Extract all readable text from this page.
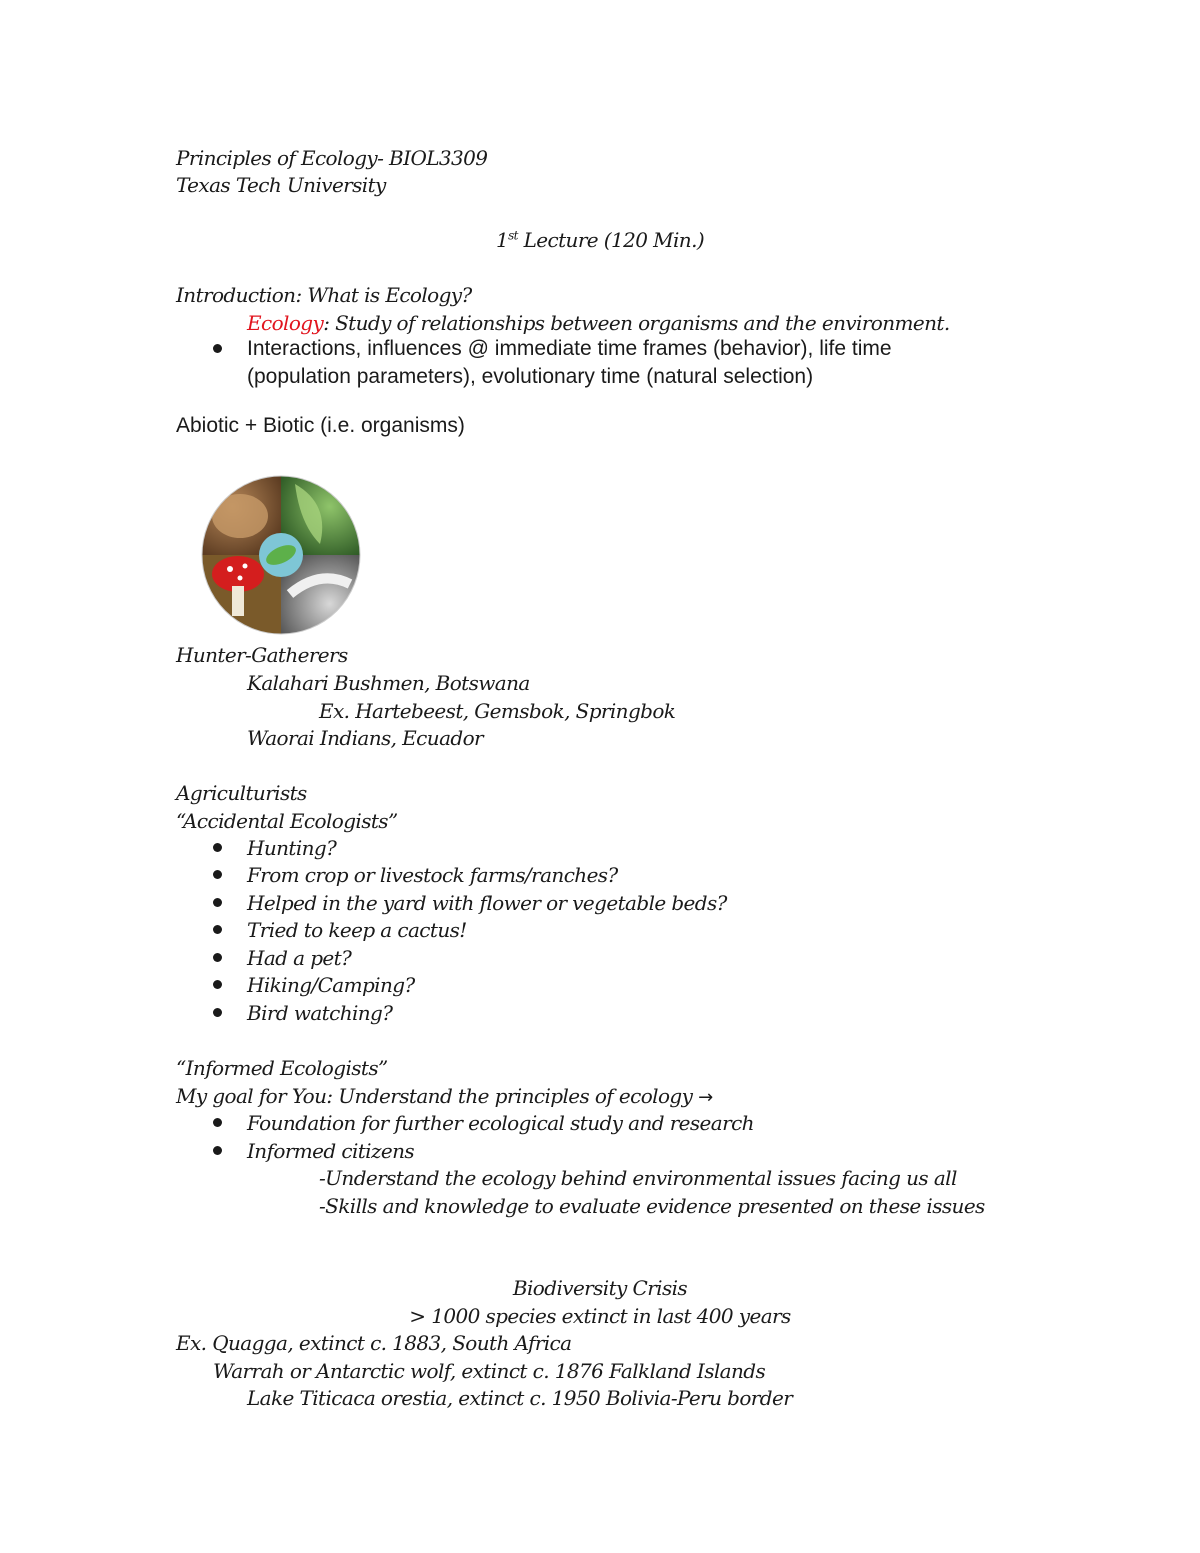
Principles of Ecology- BIOL3309
Texas Tech University
1st Lecture (120 Min.)
Introduction: What is Ecology?
Ecology: Study of relationships between organisms and the environment.
Interactions, influences @ immediate time frames (behavior), life time
(population parameters), evolutionary time (natural selection)
Abiotic + Biotic (i.e. organisms)
Hunter-Gatherers
Kalahari Bushmen, Botswana
Ex. Hartebeest, Gemsbok, Springbok
Waorai Indians, Ecuador
Agriculturists
“Accidental Ecologists”
Hunting?
From crop or livestock farms/ranches?
Helped in the yard with flower or vegetable beds?
Tried to keep a cactus!
Had a pet?
Hiking/Camping?
Bird watching?
“Informed Ecologists”
My goal for You: Understand the principles of ecology →
Foundation for further ecological study and research
Informed citizens
-Understand the ecology behind environmental issues facing us all
-Skills and knowledge to evaluate evidence presented on these issues
Biodiversity Crisis
> 1000 species extinct in last 400 years
Ex. Quagga, extinct c. 1883, South Africa
Warrah or Antarctic wolf, extinct c. 1876 Falkland Islands
Lake Titicaca orestia, extinct c. 1950 Bolivia-Peru border
